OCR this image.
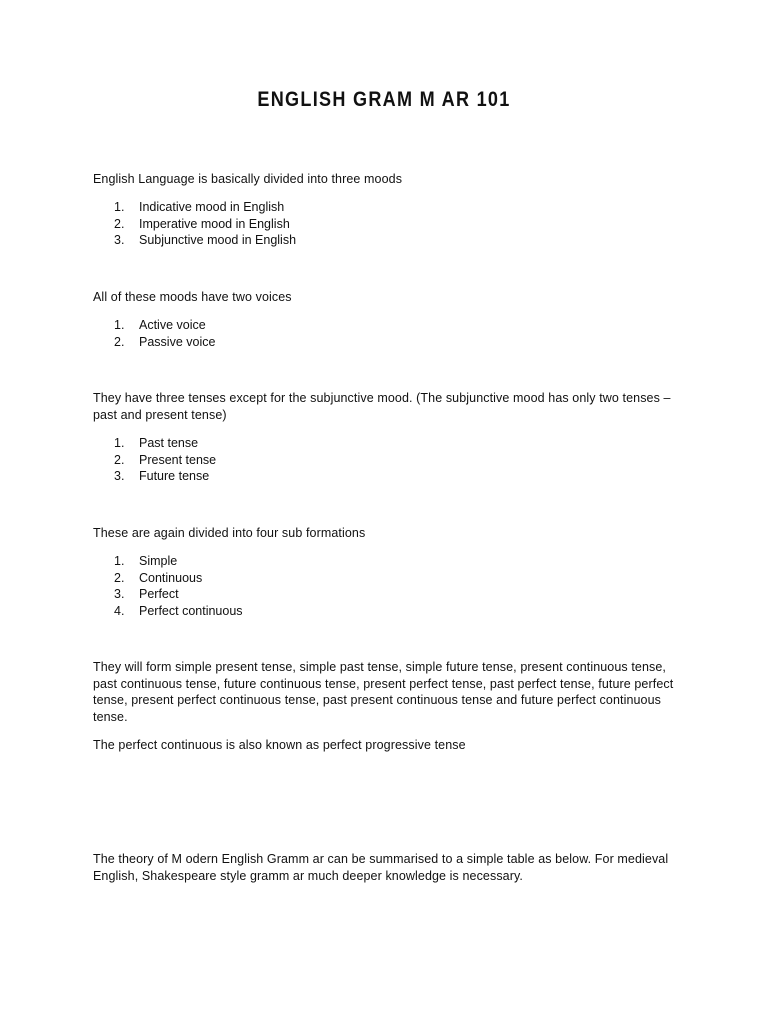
ENGLISH GRAM M AR 101

English Language is basically divided into three moods

1. Indicative mood in English
2. Imperative mood in English
3. Subjunctive mood in English

All of these moods have two voices

1. Active voice
2. Passive voice

They have three tenses except for the subjunctive mood. (The subjunctive mood has only two tenses – past and present tense)

1. Past tense
2. Present tense
3. Future tense

These are again divided into four sub formations

1. Simple
2. Continuous
3. Perfect
4. Perfect continuous

They will form simple present tense, simple past tense, simple future tense, present continuous tense, past continuous tense, future continuous tense, present perfect tense, past perfect tense, future perfect tense, present perfect continuous tense, past present continuous tense and future perfect continuous tense.

The perfect continuous is also known as perfect progressive tense

The theory of M odern English Gramm ar can be summarised to a simple table as below. For medieval English, Shakespeare style gramm ar much deeper knowledge is necessary.
